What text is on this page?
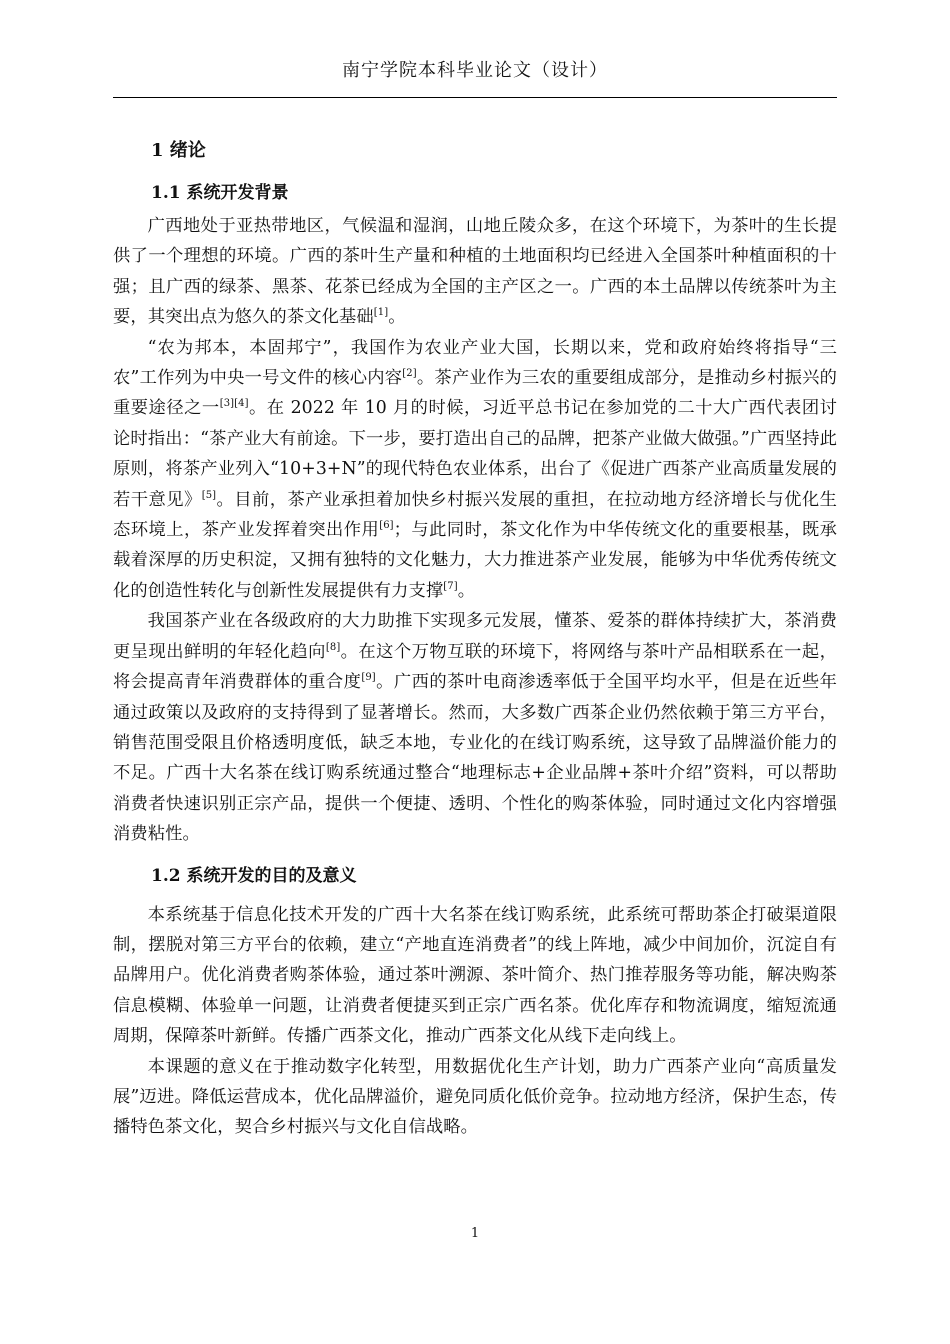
南宁学院本科毕业论文（设计）
1 绪论
1.1 系统开发背景

广西地处于亚热带地区，气候温和湿润，山地丘陵众多，在这个环境下，为茶叶的生长提供了一个理想的环境。广西的茶叶生产量和种植的土地面积均已经进入全国茶叶种植面积的十强；且广西的绿茶、黑茶、花茶已经成为全国的主产区之一。广西的本土品牌以传统茶叶为主要，其突出点为悠久的茶文化基础[1]。

“农为邦本，本固邦宁”，我国作为农业产业大国，长期以来，党和政府始终将指导“三农”工作列为中央一号文件的核心内容[2]。茶产业作为三农的重要组成部分，是推动乡村振兴的重要途径之一[3][4]。在 2022 年 10 月的时候，习近平总书记在参加党的二十大广西代表团讨论时指出：“茶产业大有前途。下一步，要打造出自己的品牌，把茶产业做大做强。”广西坚持此原则，将茶产业列入“10+3+N”的现代特色农业体系，出台了《促进广西茶产业高质量发展的若干意见》[5]。目前，茶产业承担着加快乡村振兴发展的重担，在拉动地方经济增长与优化生态环境上，茶产业发挥着突出作用[6]；与此同时，茶文化作为中华传统文化的重要根基，既承载着深厚的历史积淀，又拥有独特的文化魅力，大力推进茶产业发展，能够为中华优秀传统文化的创造性转化与创新性发展提供有力支撑[7]。

我国茶产业在各级政府的大力助推下实现多元发展，懂茶、爱茶的群体持续扩大，茶消费更呈现出鲜明的年轻化趋向[8]。在这个万物互联的环境下，将网络与茶叶产品相联系在一起，将会提高青年消费群体的重合度[9]。广西的茶叶电商渗透率低于全国平均水平，但是在近些年通过政策以及政府的支持得到了显著增长。然而，大多数广西茶企业仍然依赖于第三方平台，销售范围受限且价格透明度低，缺乏本地，专业化的在线订购系统，这导致了品牌溢价能力的不足。广西十大名茶在线订购系统通过整合“地理标志+企业品牌+茶叶介绍”资料，可以帮助消费者快速识别正宗产品，提供一个便捷、透明、个性化的购茶体验，同时通过文化内容增强消费粘性。

1.2 系统开发的目的及意义

本系统基于信息化技术开发的广西十大名茶在线订购系统，此系统可帮助茶企打破渠道限制，摆脱对第三方平台的依赖，建立“产地直连消费者”的线上阵地，减少中间加价，沉淀自有品牌用户。优化消费者购茶体验，通过茶叶溯源、茶叶简介、热门推荐服务等功能，解决购茶信息模糊、体验单一问题，让消费者便捷买到正宗广西名茶。优化库存和物流调度，缩短流通周期，保障茶叶新鲜。传播广西茶文化，推动广西茶文化从线下走向线上。

本课题的意义在于推动数字化转型，用数据优化生产计划，助力广西茶产业向“高质量发展”迈进。降低运营成本，优化品牌溢价，避免同质化低价竞争。拉动地方经济，保护生态，传播特色茶文化，契合乡村振兴与文化自信战略。

1
